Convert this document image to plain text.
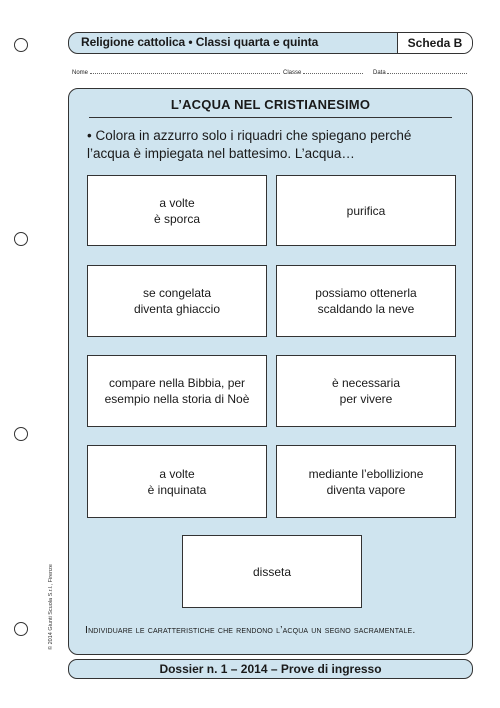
Religione cattolica • Classi quarta e quinta	Scheda B
Nome	Classe	Data
L’ACQUA NEL CRISTIANESIMO
• Colora in azzurro solo i riquadri che spiegano perché l’acqua è impiegata nel battesimo. L’acqua…
a volte
è sporca
purifica
se congelata
diventa ghiaccio
possiamo ottenerla
scaldando la neve
compare nella Bibbia, per
esempio nella storia di Noè
è necessaria
per vivere
a volte
è inquinata
mediante l’ebollizione
diventa vapore
disseta
Individuare le caratteristiche che rendono l’acqua un segno sacramentale.
© 2014 Giunti Scuola S.r.l., Firenze
Dossier n. 1 – 2014 – Prove di ingresso
